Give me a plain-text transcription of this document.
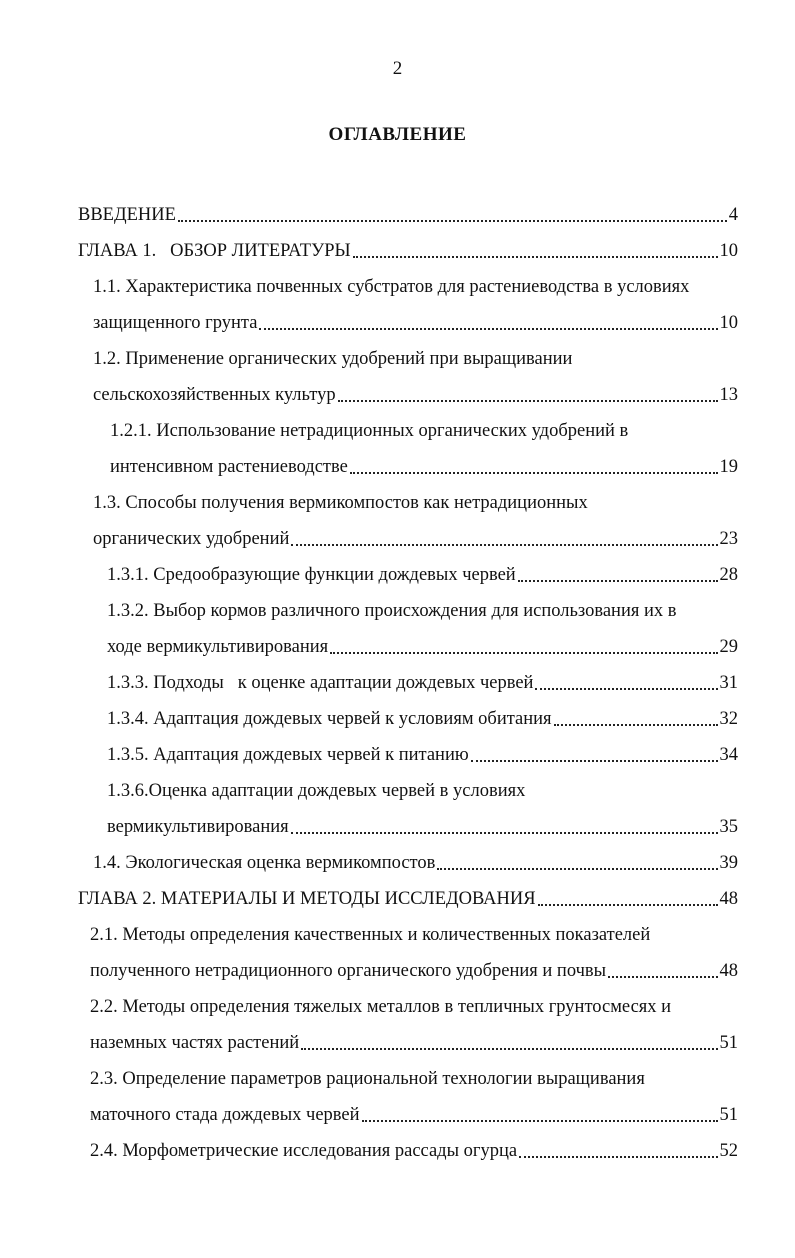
2
ОГЛАВЛЕНИЕ
ВВЕДЕНИЕ	4
ГЛАВА 1.   ОБЗОР ЛИТЕРАТУРЫ	10
1.1. Характеристика почвенных субстратов для растениеводства в условиях
защищенного грунта	10
1.2. Применение органических удобрений при выращивании
сельскохозяйственных культур	13
1.2.1. Использование нетрадиционных органических удобрений в
интенсивном растениеводстве	19
1.3. Способы получения вермикомпостов как нетрадиционных
органических удобрений	23
1.3.1. Средообразующие функции дождевых червей	28
1.3.2. Выбор кормов различного происхождения для использования их в
ходе вермикультивирования	29
1.3.3. Подходы   к оценке адаптации дождевых червей	31
1.3.4. Адаптация дождевых червей к условиям обитания	32
1.3.5. Адаптация дождевых червей к питанию	34
1.3.6.Оценка адаптации дождевых червей в условиях
вермикультивирования	35
1.4. Экологическая оценка вермикомпостов	39
ГЛАВА 2. МАТЕРИАЛЫ И МЕТОДЫ ИССЛЕДОВАНИЯ	48
2.1. Методы определения качественных и количественных показателей
полученного нетрадиционного органического удобрения и почвы	48
2.2. Методы определения тяжелых металлов в тепличных грунтосмесях и
наземных частях растений	51
2.3. Определение параметров рациональной технологии выращивания
маточного стада дождевых червей	51
2.4. Морфометрические исследования рассады огурца	52
